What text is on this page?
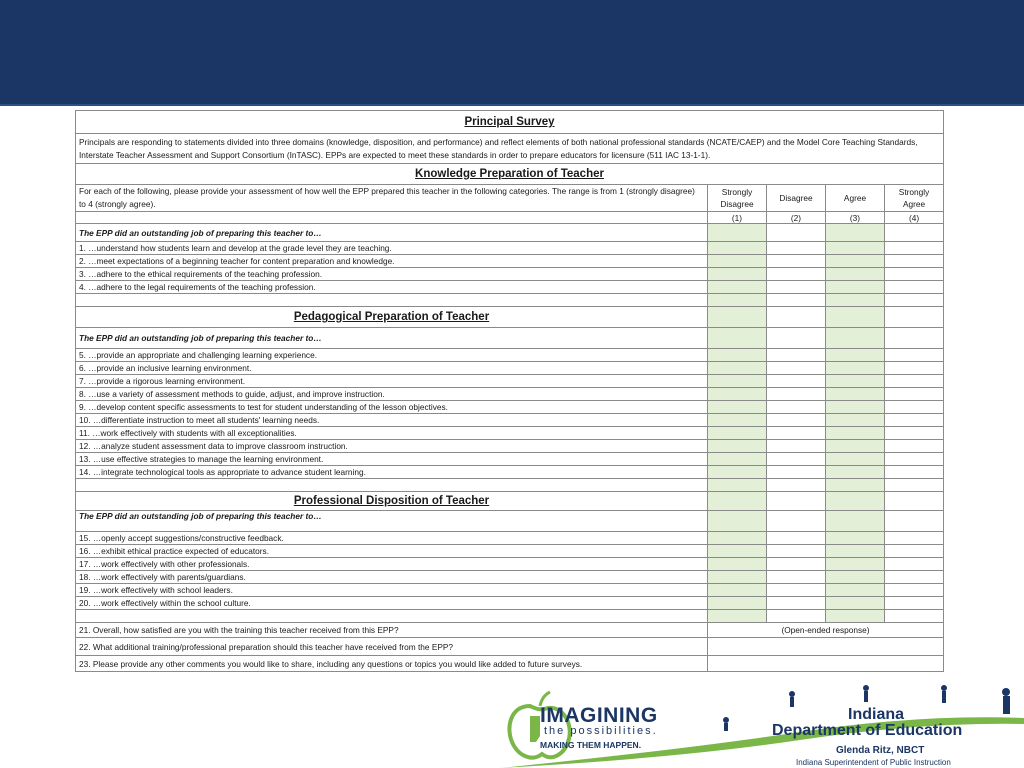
Principal Survey				
Principals are responding to statements divided into three domains (knowledge, disposition, and performance) and reflect elements of both national professional standards (NCATE/CAEP) and the Model Core Teaching Standards, Interstate Teacher Assessment and Support Consortium (InTASC). EPPs are expected to meet these standards in order to prepare educators for licensure (511 IAC 13-1-1).				
Knowledge Preparation of Teacher				
For each of the following, please provide your assessment of how well the EPP prepared this teacher in the following categories. The range is from 1 (strongly disagree) to 4 (strongly agree).	Strongly Disagree	Disagree	Agree	Strongly Agree
	(1)	(2)	(3)	(4)
The EPP did an outstanding job of preparing this teacher to…				
1. …understand how students learn and develop at the grade level they are teaching.				
2. …meet expectations of a beginning teacher for content preparation and knowledge.				
3. …adhere to the ethical requirements of the teaching profession.				
4. …adhere to the legal requirements of the teaching profession.				

Pedagogical Preparation of Teacher				
The EPP did an outstanding job of preparing this teacher to…				
5. …provide an appropriate and challenging learning experience.				
6. …provide an inclusive learning environment.				
7. …provide a rigorous learning environment.				
8. …use a variety of assessment methods to guide, adjust, and improve instruction.				
9. …develop content specific assessments to test for student understanding of the lesson objectives.				
10. …differentiate instruction to meet all students' learning needs.				
11. …work effectively with students with all exceptionalities.				
12. …analyze student assessment data to improve classroom instruction.				
13. …use effective strategies to manage the learning environment.				
14. …integrate technological tools as appropriate to advance student learning.				

Professional Disposition of Teacher				
The EPP did an outstanding job of preparing this teacher to…				
15. …openly accept suggestions/constructive feedback.				
16. …exhibit ethical practice expected of educators.				
17. …work effectively with other professionals.				
18. …work effectively with parents/guardians.				
19. …work effectively with school leaders.				
20. …work effectively within the school culture.				

21. Overall, how satisfied are you with the training this teacher received from this EPP?	(Open-ended response)			
22. What additional training/professional preparation should this teacher have received from the EPP?				
23. Please provide any other comments you would like to share, including any questions or topics you would like added to future surveys.				
IMAGINING
the possibilities.
MAKING THEM HAPPEN.
Indiana
Department of Education
Glenda Ritz, NBCT
Indiana Superintendent of Public Instruction
